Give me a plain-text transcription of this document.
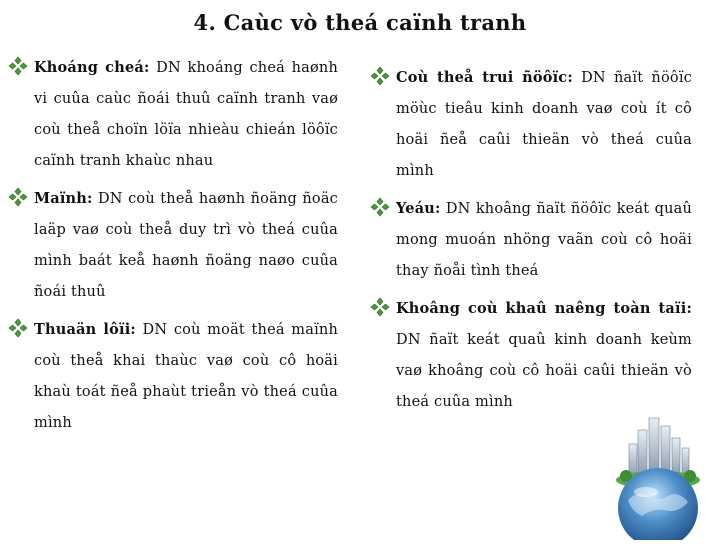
4. Caùc vò theá caïnh tranh
Khoáng cheá: DN khoáng cheá haønh vi cuûa caùc ñoái thuû caïnh tranh vaø coù theå choïn löïa nhieàu chieán löôïc caïnh tranh khaùc nhau
Maïnh: DN coù theå haønh ñoäng ñoäc laäp vaø coù theå duy trì vò theá cuûa mình baát keå haønh ñoäng naøo cuûa ñoái thuû
Thuaän lôïi: DN coù moät theá maïnh coù theå khai thaùc vaø coù cô hoäi khaù toát ñeå phaùt trieån vò theá cuûa mình
Coù theå trui ñöôïc: DN ñaït ñöôïc möùc tieâu kinh doanh vaø coù ít cô hoäi ñeå caûi thieän vò theá cuûa mình
Yeáu: DN khoâng ñaït ñöôïc keát quaû mong muoán nhöng vaãn coù cô hoäi thay ñoåi tình theá
Khoâng coù khaû naêng toàn taïi: DN ñaït keát quaû kinh doanh keùm vaø khoâng coù cô hoäi caûi thieän vò theá cuûa mình
